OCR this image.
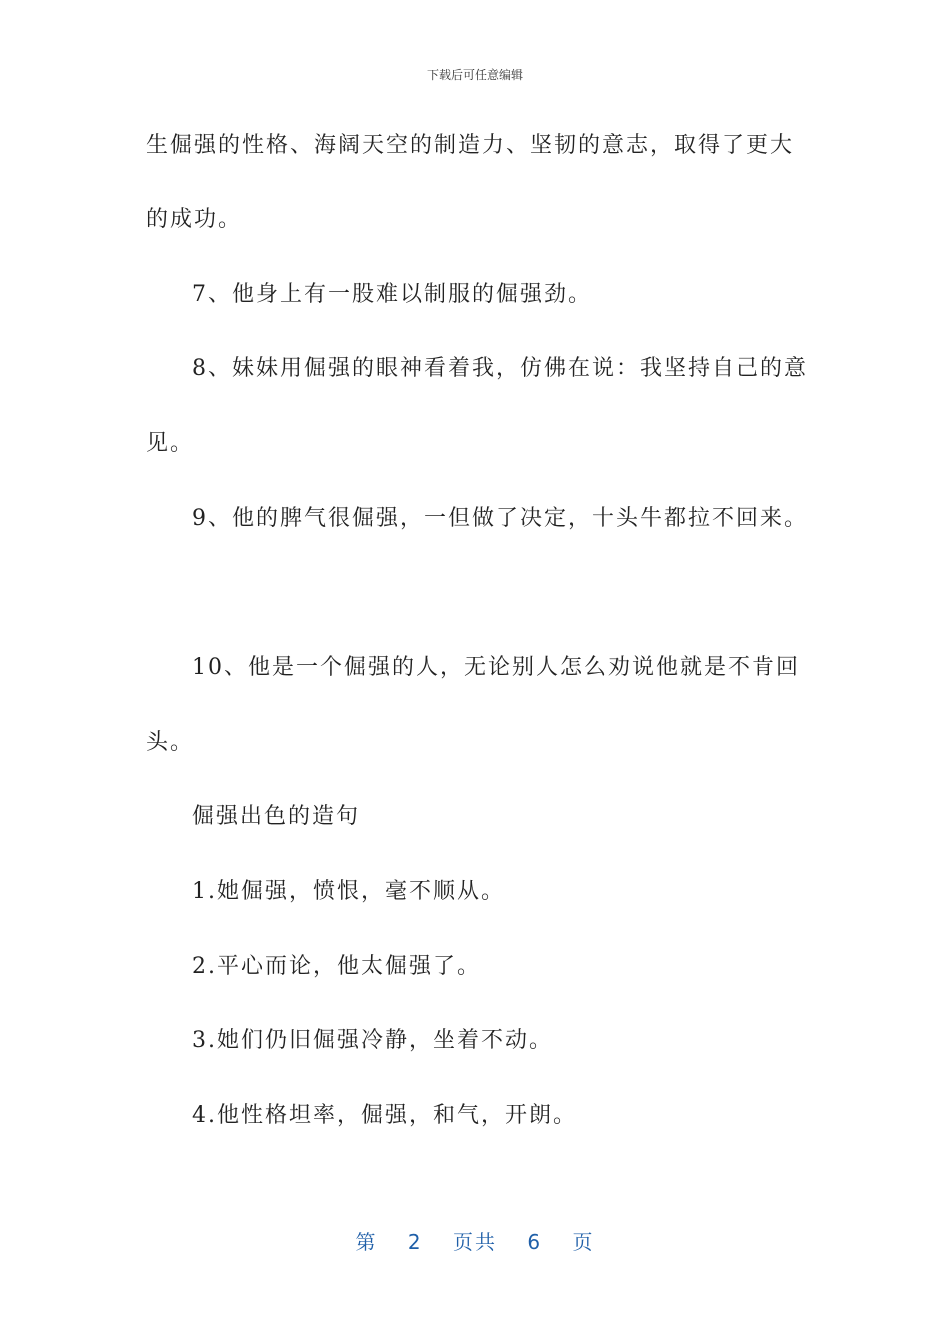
下载后可任意编辑
生倔强的性格、海阔天空的制造力、坚韧的意志，取得了更大
的成功。
7、他身上有一股难以制服的倔强劲。
8、妹妹用倔强的眼神看着我，仿佛在说：我坚持自己的意
见。
9、他的脾气很倔强，一但做了决定，十头牛都拉不回来。
10、他是一个倔强的人，无论别人怎么劝说他就是不肯回
头。
倔强出色的造句
1.她倔强，愤恨，毫不顺从。
2.平心而论，他太倔强了。
3.她们仍旧倔强冷静，坐着不动。
4.他性格坦率，倔强，和气，开朗。
第 2 页共 6 页
